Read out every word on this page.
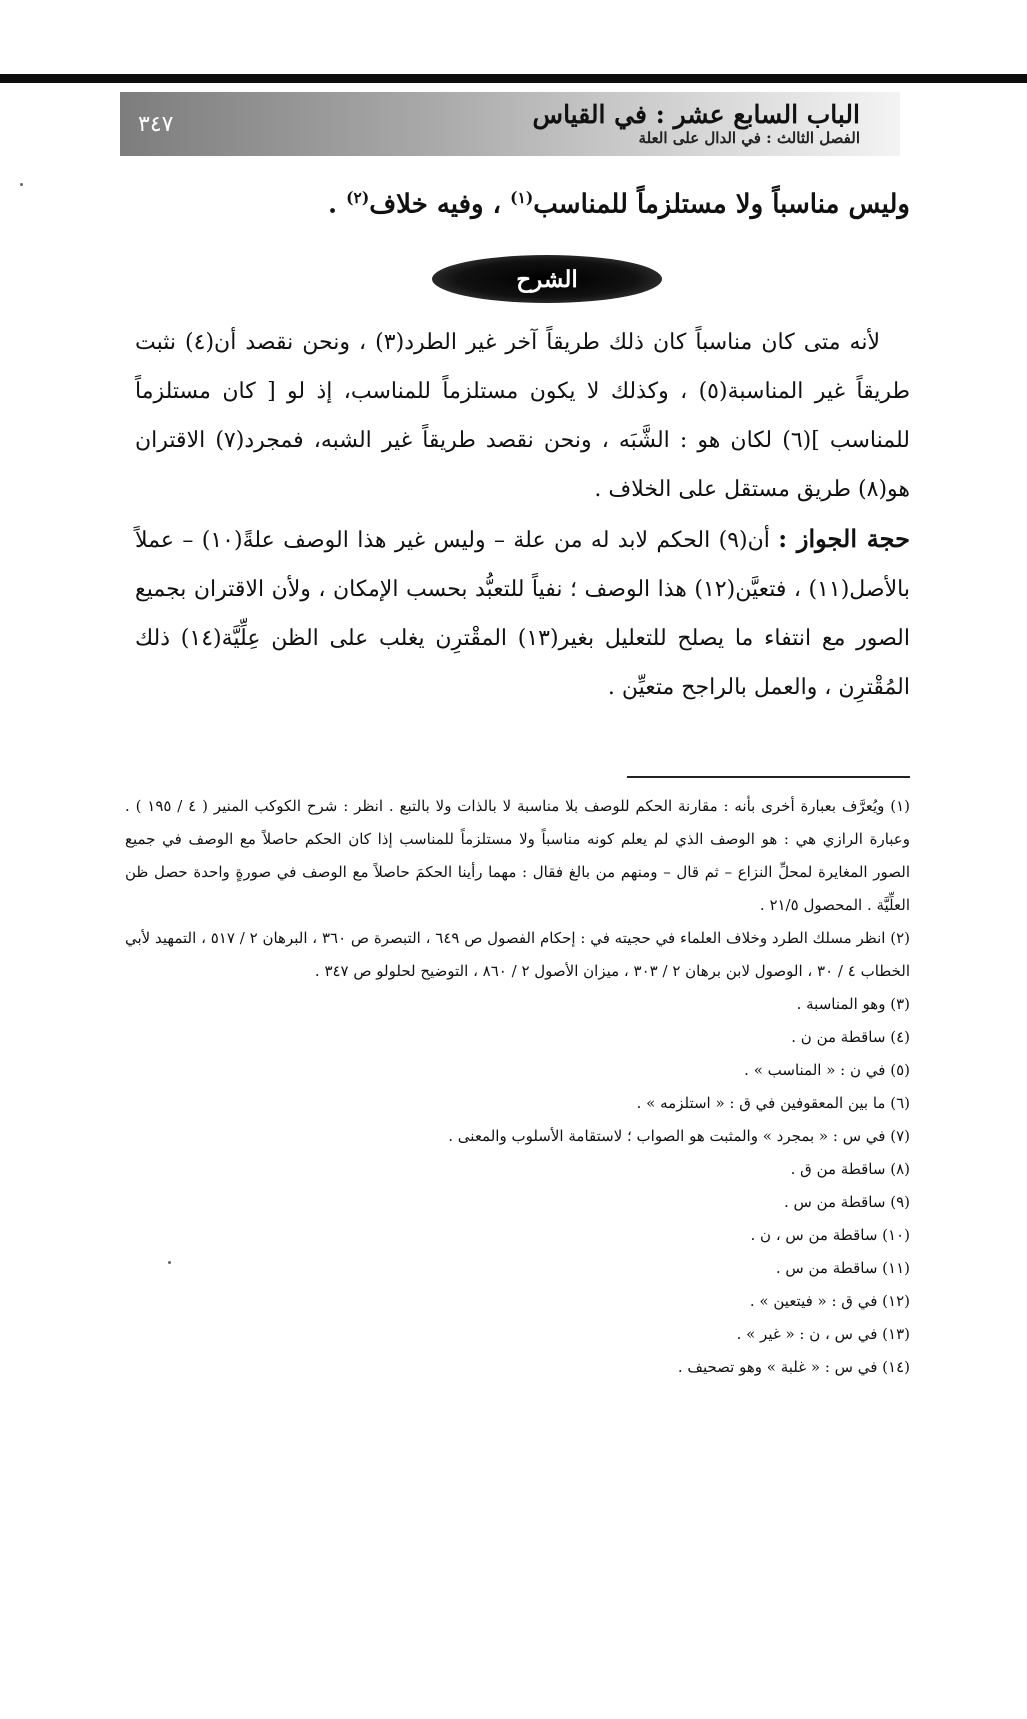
٣٤٧	الباب السابع عشر : في القياس
الفصل الثالث : في الدال على العلة
وليس مناسباً ولا مستلزماً للمناسب$^{(١)}$ ، وفيه خلاف$^{(٢)}$ .
الشرح

لأنه متى كان مناسباً كان ذلك طريقاً آخر غير الطرد(٣) ، ونحن نقصد أن(٤) نثبت طريقاً غير المناسبة(٥) ، وكذلك لا يكون مستلزماً للمناسب، إذ لو [ كان مستلزماً للمناسب ](٦) لكان هو : الشَّبَه ، ونحن نقصد طريقاً غير الشبه، فمجرد(٧) الاقتران هو(٨) طريق مستقل على الخلاف .

حجة الجواز : أن(٩) الحكم لابد له من علة – وليس غير هذا الوصف علةً(١٠) – عملاً بالأصل(١١) ، فتعيَّن(١٢) هذا الوصف ؛ نفياً للتعبُّد بحسب الإمكان ، ولأن الاقتران بجميع الصور مع انتفاء ما يصلح للتعليل بغير(١٣) المقْترِن يغلب على الظن عِلِّيَّة(١٤) ذلك المُقْترِن ، والعمل بالراجح متعيِّن .

(١) ويُعرَّف بعبارة أخرى بأنه : مقارنة الحكم للوصف بلا مناسبة لا بالذات ولا بالتبع . انظر : شرح الكوكب المنير ( ٤ / ١٩٥ ) . وعبارة الرازي هي : هو الوصف الذي لم يعلم كونه مناسباً ولا مستلزماً للمناسب إذا كان الحكم حاصلاً مع الوصف في جميع الصور المغايرة لمحلِّ النزاع – ثم قال – ومنهم من بالغ فقال : مهما رأينا الحكمَ حاصلاً مع الوصف في صورةٍ واحدة حصل ظن العلِّيَّة . المحصول ٢١/٥ .

(٢) انظر مسلك الطرد وخلاف العلماء في حجيته في : إحكام الفصول ص ٦٤٩ ، التبصرة ص ٣٦٠ ، البرهان ٢ / ٥١٧ ، التمهيد لأبي الخطاب ٤ / ٣٠ ، الوصول لابن برهان ٢ / ٣٠٣ ، ميزان الأصول ٢ / ٨٦٠ ، التوضيح لحلولو ص ٣٤٧ .

(٣) وهو المناسبة .

(٤) ساقطة من ن .

(٥) في ن : « المناسب » .

(٦) ما بين المعقوفين في ق : « استلزمه » .

(٧) في س : « بمجرد » والمثبت هو الصواب ؛ لاستقامة الأسلوب والمعنى .

(٨) ساقطة من ق .

(٩) ساقطة من س .

(١٠) ساقطة من س ، ن .

(١١) ساقطة من س .

(١٢) في ق : « فيتعين » .

(١٣) في س ، ن : « غير » .

(١٤) في س : « غلبة » وهو تصحيف .
